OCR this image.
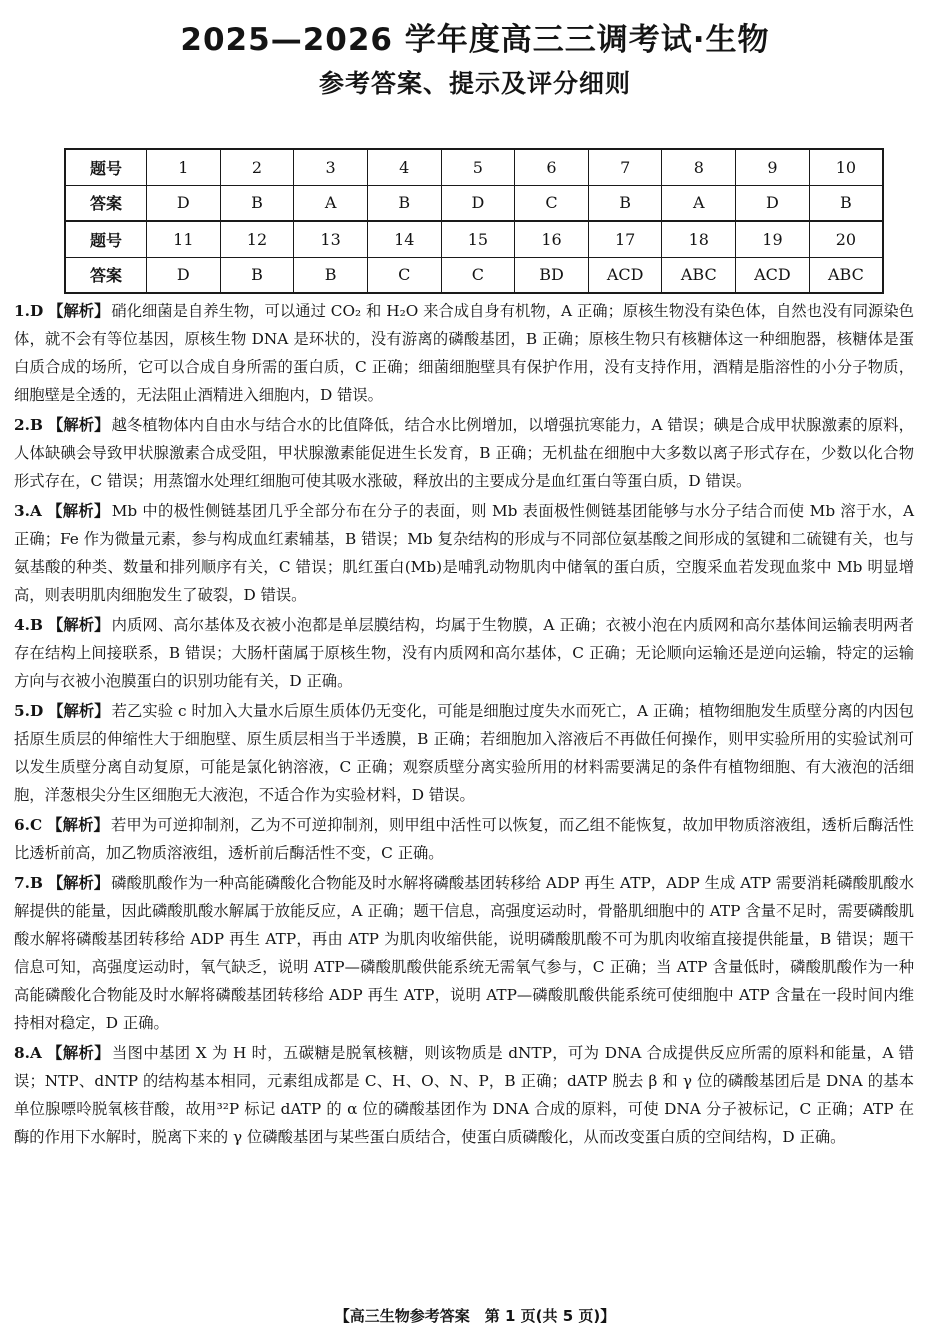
2025—2026 学年度高三三调考试·生物
参考答案、提示及评分细则
题号	1	2	3	4	5	6	7	8	9	10
答案	D	B	A	B	D	C	B	A	D	B
题号	11	12	13	14	15	16	17	18	19	20
答案	D	B	B	C	C	BD	ACD	ABC	ACD	ABC

1.D 【解析】 硝化细菌是自养生物，可以通过 CO₂ 和 H₂O 来合成自身有机物，A 正确；原核生物没有染色体，自然也没有同源染色体，就不会有等位基因，原核生物 DNA 是环状的，没有游离的磷酸基团，B 正确；原核生物只有核糖体这一种细胞器，核糖体是蛋白质合成的场所，它可以合成自身所需的蛋白质，C 正确；细菌细胞壁具有保护作用，没有支持作用，酒精是脂溶性的小分子物质，细胞壁是全透的，无法阻止酒精进入细胞内，D 错误。

2.B 【解析】 越冬植物体内自由水与结合水的比值降低，结合水比例增加，以增强抗寒能力，A 错误；碘是合成甲状腺激素的原料，人体缺碘会导致甲状腺激素合成受阻，甲状腺激素能促进生长发育，B 正确；无机盐在细胞中大多数以离子形式存在，少数以化合物形式存在，C 错误；用蒸馏水处理红细胞可使其吸水涨破，释放出的主要成分是血红蛋白等蛋白质，D 错误。

3.A 【解析】 Mb 中的极性侧链基团几乎全部分布在分子的表面，则 Mb 表面极性侧链基团能够与水分子结合而使 Mb 溶于水，A 正确；Fe 作为微量元素，参与构成血红素辅基，B 错误；Mb 复杂结构的形成与不同部位氨基酸之间形成的氢键和二硫键有关，也与氨基酸的种类、数量和排列顺序有关，C 错误；肌红蛋白(Mb)是哺乳动物肌肉中储氧的蛋白质，空腹采血若发现血浆中 Mb 明显增高，则表明肌肉细胞发生了破裂，D 错误。

4.B 【解析】 内质网、高尔基体及衣被小泡都是单层膜结构，均属于生物膜，A 正确；衣被小泡在内质网和高尔基体间运输表明两者存在结构上间接联系，B 错误；大肠杆菌属于原核生物，没有内质网和高尔基体，C 正确；无论顺向运输还是逆向运输，特定的运输方向与衣被小泡膜蛋白的识别功能有关，D 正确。

5.D 【解析】 若乙实验 c 时加入大量水后原生质体仍无变化，可能是细胞过度失水而死亡，A 正确；植物细胞发生质壁分离的内因包括原生质层的伸缩性大于细胞壁、原生质层相当于半透膜，B 正确；若细胞加入溶液后不再做任何操作，则甲实验所用的实验试剂可以发生质壁分离自动复原，可能是氯化钠溶液，C 正确；观察质壁分离实验所用的材料需要满足的条件有植物细胞、有大液泡的活细胞，洋葱根尖分生区细胞无大液泡，不适合作为实验材料，D 错误。

6.C 【解析】 若甲为可逆抑制剂，乙为不可逆抑制剂，则甲组中活性可以恢复，而乙组不能恢复，故加甲物质溶液组，透析后酶活性比透析前高，加乙物质溶液组，透析前后酶活性不变，C 正确。

7.B 【解析】 磷酸肌酸作为一种高能磷酸化合物能及时水解将磷酸基团转移给 ADP 再生 ATP，ADP 生成 ATP 需要消耗磷酸肌酸水解提供的能量，因此磷酸肌酸水解属于放能反应，A 正确；题干信息，高强度运动时，骨骼肌细胞中的 ATP 含量不足时，需要磷酸肌酸水解将磷酸基团转移给 ADP 再生 ATP，再由 ATP 为肌肉收缩供能，说明磷酸肌酸不可为肌肉收缩直接提供能量，B 错误；题干信息可知，高强度运动时，氧气缺乏，说明 ATP—磷酸肌酸供能系统无需氧气参与，C 正确；当 ATP 含量低时，磷酸肌酸作为一种高能磷酸化合物能及时水解将磷酸基团转移给 ADP 再生 ATP，说明 ATP—磷酸肌酸供能系统可使细胞中 ATP 含量在一段时间内维持相对稳定，D 正确。

8.A 【解析】 当图中基团 X 为 H 时，五碳糖是脱氧核糖，则该物质是 dNTP，可为 DNA 合成提供反应所需的原料和能量，A 错误；NTP、dNTP 的结构基本相同，元素组成都是 C、H、O、N、P，B 正确；dATP 脱去 β 和 γ 位的磷酸基团后是 DNA 的基本单位腺嘌呤脱氧核苷酸，故用³²P 标记 dATP 的 α 位的磷酸基团作为 DNA 合成的原料，可使 DNA 分子被标记，C 正确；ATP 在酶的作用下水解时，脱离下来的 γ 位磷酸基团与某些蛋白质结合，使蛋白质磷酸化，从而改变蛋白质的空间结构，D 正确。

【高三生物参考答案　第 1 页(共 5 页)】
